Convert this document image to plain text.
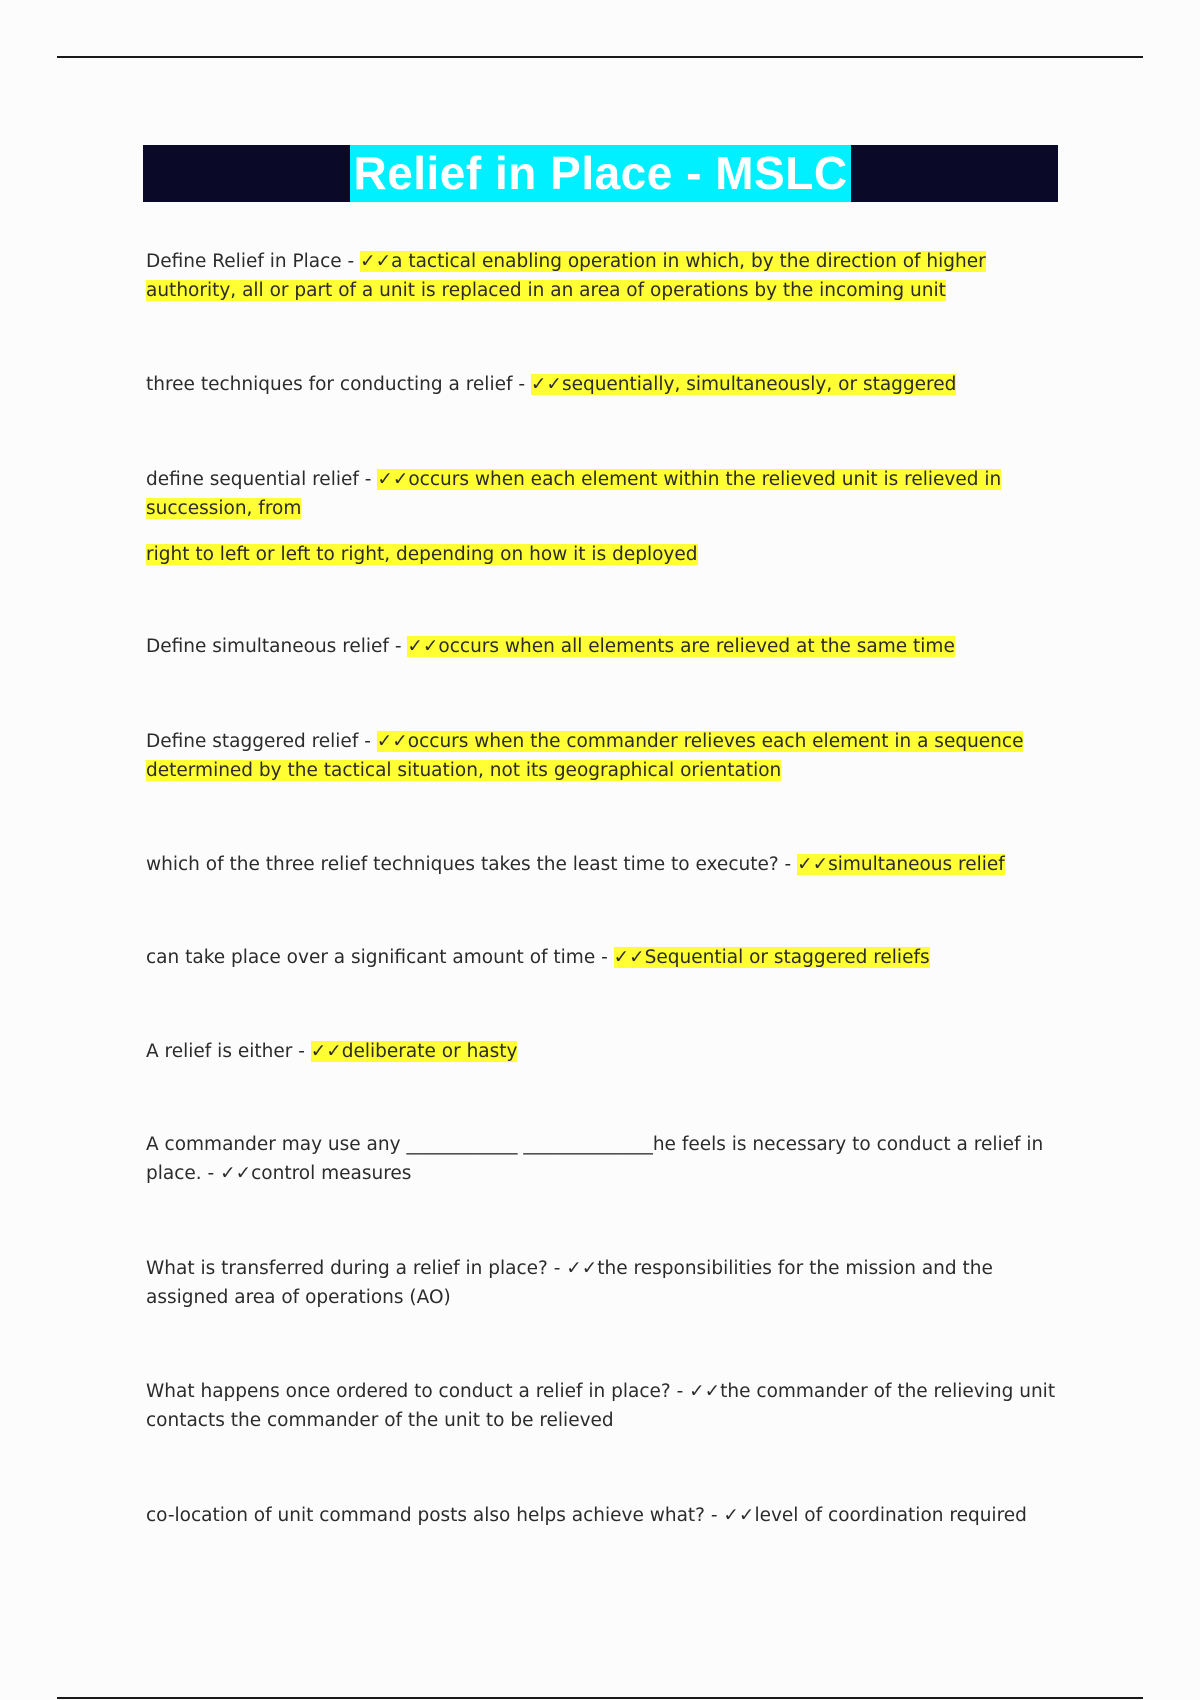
Relief in Place - MSLC
Define Relief in Place - ✓✓a tactical enabling operation in which, by the direction of higher authority, all or part of a unit is replaced in an area of operations by the incoming unit
three techniques for conducting a relief - ✓✓sequentially, simultaneously, or staggered
define sequential relief - ✓✓occurs when each element within the relieved unit is relieved in succession, from
right to left or left to right, depending on how it is deployed
Define simultaneous relief - ✓✓occurs when all elements are relieved at the same time
Define staggered relief - ✓✓occurs when the commander relieves each element in a sequence determined by the tactical situation, not its geographical orientation
which of the three relief techniques takes the least time to execute? - ✓✓simultaneous relief
can take place over a significant amount of time - ✓✓Sequential or staggered reliefs
A relief is either - ✓✓deliberate or hasty
A commander may use any ____________ ______________he feels is necessary to conduct a relief in place. - ✓✓control measures
What is transferred during a relief in place? - ✓✓the responsibilities for the mission and the assigned area of operations (AO)
What happens once ordered to conduct a relief in place? - ✓✓the commander of the relieving unit contacts the commander of the unit to be relieved
co-location of unit command posts also helps achieve what? - ✓✓level of coordination required
